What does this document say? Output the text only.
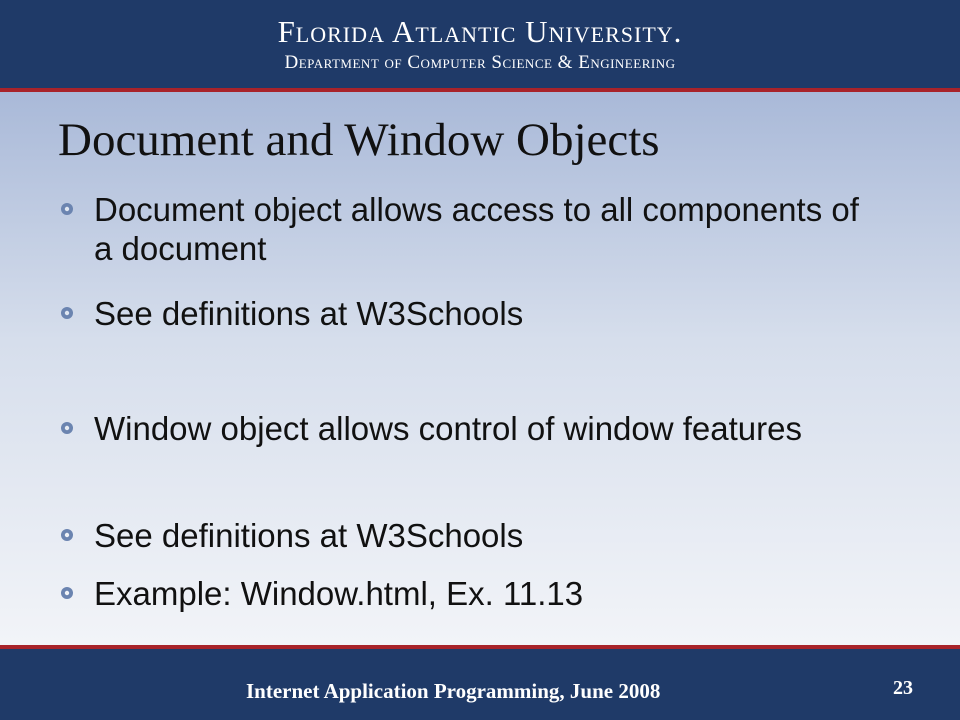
Florida Atlantic University.
Department of Computer Science & Engineering
Document and Window Objects
Document object allows access to all components of a document
See definitions at W3Schools
Window object allows control of window features
See definitions at W3Schools
Example: Window.html, Ex. 11.13
Internet Application Programming, June 2008	23
